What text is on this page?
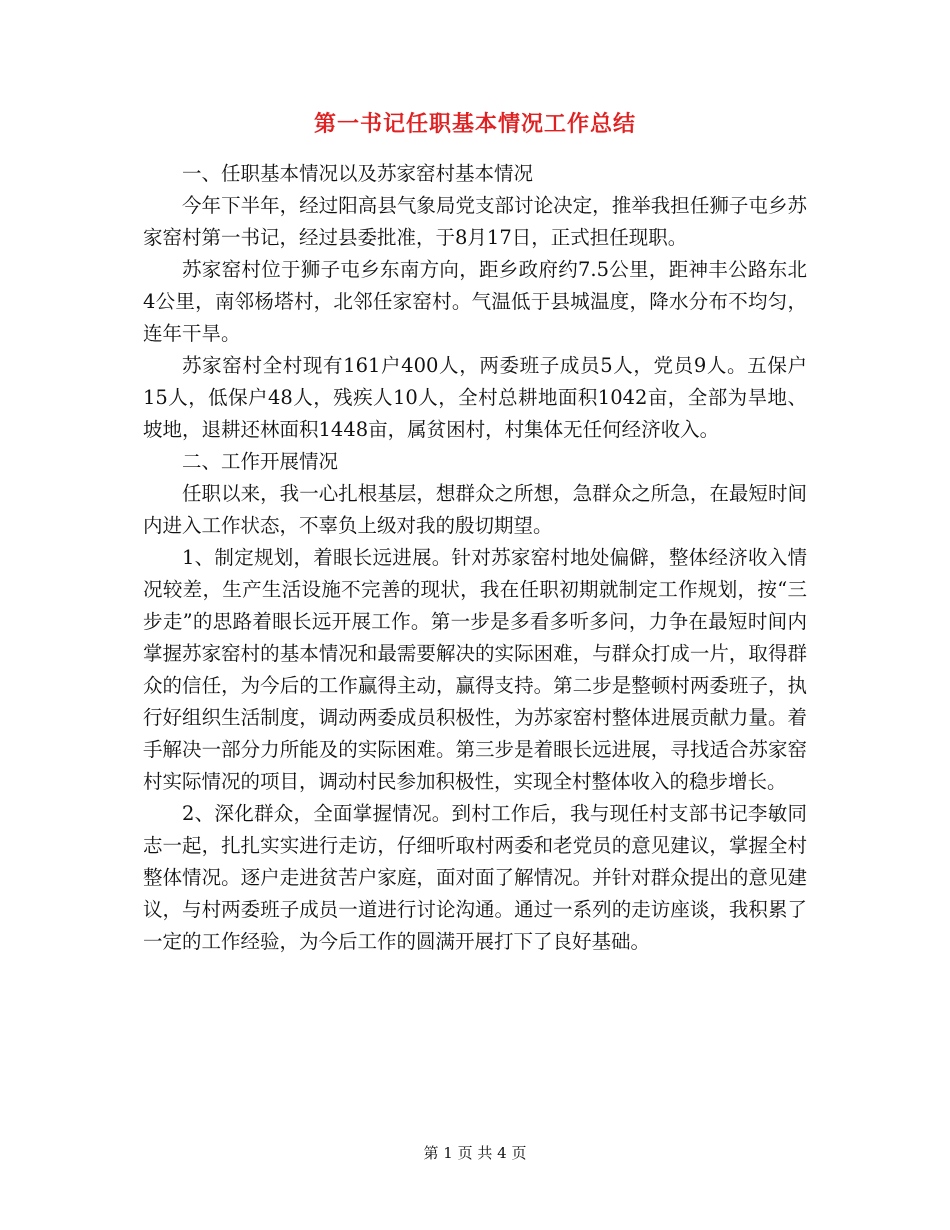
第一书记任职基本情况工作总结

一、任职基本情况以及苏家窑村基本情况

今年下半年，经过阳高县气象局党支部讨论决定，推举我担任狮子屯乡苏家窑村第一书记，经过县委批准，于8月17日，正式担任现职。

苏家窑村位于狮子屯乡东南方向，距乡政府约7.5公里，距神丰公路东北4公里，南邻杨塔村，北邻任家窑村。气温低于县城温度，降水分布不均匀，连年干旱。

苏家窑村全村现有161户400人，两委班子成员5人，党员9人。五保户15人，低保户48人，残疾人10人，全村总耕地面积1042亩，全部为旱地、坡地，退耕还林面积1448亩，属贫困村，村集体无任何经济收入。

二、工作开展情况

任职以来，我一心扎根基层，想群众之所想，急群众之所急，在最短时间内进入工作状态，不辜负上级对我的殷切期望。

1、制定规划，着眼长远进展。针对苏家窑村地处偏僻，整体经济收入情况较差，生产生活设施不完善的现状，我在任职初期就制定工作规划，按“三步走”的思路着眼长远开展工作。第一步是多看多听多问，力争在最短时间内掌握苏家窑村的基本情况和最需要解决的实际困难，与群众打成一片，取得群众的信任，为今后的工作赢得主动，赢得支持。第二步是整顿村两委班子，执行好组织生活制度，调动两委成员积极性，为苏家窑村整体进展贡献力量。着手解决一部分力所能及的实际困难。第三步是着眼长远进展，寻找适合苏家窑村实际情况的项目，调动村民参加积极性，实现全村整体收入的稳步增长。

2、深化群众，全面掌握情况。到村工作后，我与现任村支部书记李敏同志一起，扎扎实实进行走访，仔细听取村两委和老党员的意见建议，掌握全村整体情况。逐户走进贫苦户家庭，面对面了解情况。并针对群众提出的意见建议，与村两委班子成员一道进行讨论沟通。通过一系列的走访座谈，我积累了一定的工作经验，为今后工作的圆满开展打下了良好基础。

第 1 页 共 4 页
